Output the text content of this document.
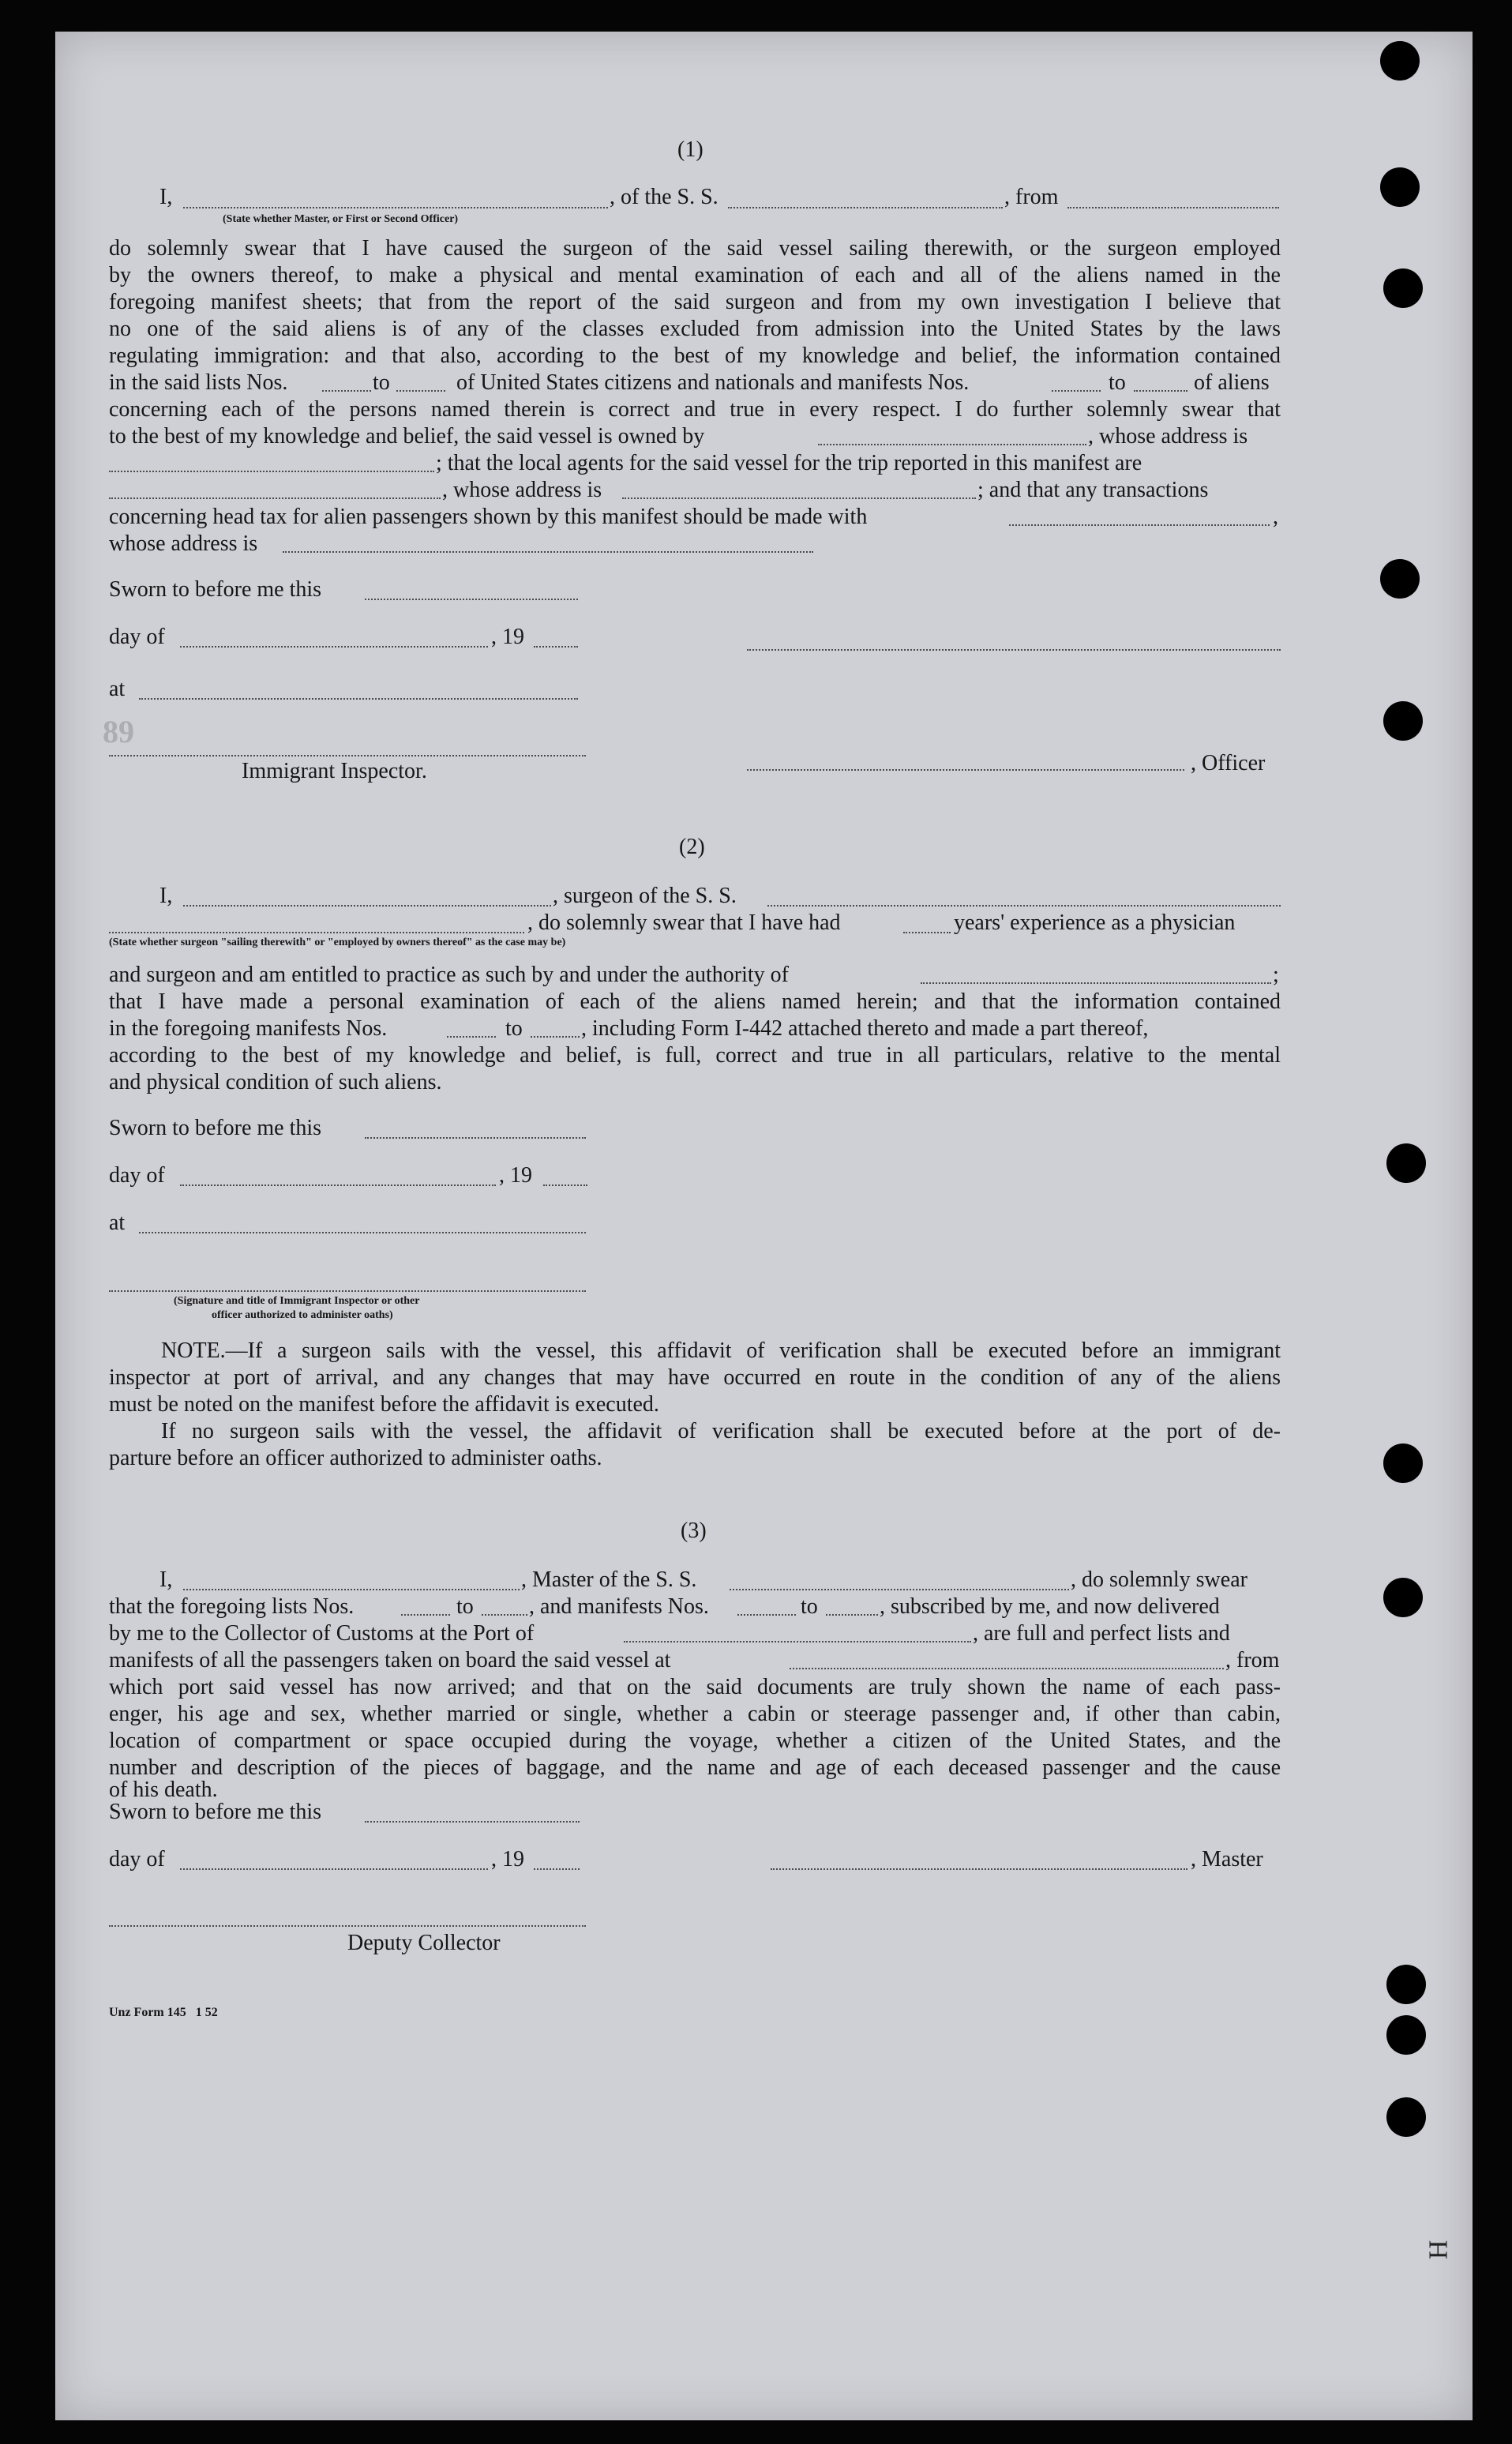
(1)
I,	, of the S. S.	, from
(State whether Master, or First or Second Officer)
do solemnly swear that I have caused the surgeon of the said vessel sailing therewith, or the surgeon employed
by the owners thereof, to make a physical and mental examination of each and all of the aliens named in the
foregoing manifest sheets; that from the report of the said surgeon and from my own investigation I believe that
no one of the said aliens is of any of the classes excluded from admission into the United States by the laws
regulating immigration: and that also, according to the best of my knowledge and belief, the information contained
in the said lists Nos.	to	of United States citizens and nationals and manifests Nos.	to	of aliens
concerning each of the persons named therein is correct and true in every respect. I do further solemnly swear that
to the best of my knowledge and belief, the said vessel is owned by	, whose address is
; that the local agents for the said vessel for the trip reported in this manifest are
, whose address is	; and that any transactions
concerning head tax for alien passengers shown by this manifest should be made with	,
whose address is
Sworn to before me this
day of	, 19
at
89
Immigrant Inspector.	, Officer
(2)
I,	, surgeon of the S. S.
, do solemnly swear that I have had	years' experience as a physician
(State whether surgeon "sailing therewith" or "employed by owners thereof" as the case may be)
and surgeon and am entitled to practice as such by and under the authority of	;
that I have made a personal examination of each of the aliens named herein; and that the information contained
in the foregoing manifests Nos.	to	, including Form I-442 attached thereto and made a part thereof,
according to the best of my knowledge and belief, is full, correct and true in all particulars, relative to the mental
and physical condition of such aliens.
Sworn to before me this
day of	, 19
at
(Signature and title of Immigrant Inspector or other
officer authorized to administer oaths)
NOTE.—If a surgeon sails with the vessel, this affidavit of verification shall be executed before an immigrant
inspector at port of arrival, and any changes that may have occurred en route in the condition of any of the aliens
must be noted on the manifest before the affidavit is executed.
If no surgeon sails with the vessel, the affidavit of verification shall be executed before at the port of de-
parture before an officer authorized to administer oaths.
(3)
I,	, Master of the S. S.	, do solemnly swear
that the foregoing lists Nos.	to	, and manifests Nos.	to	, subscribed by me, and now delivered
by me to the Collector of Customs at the Port of	, are full and perfect lists and
manifests of all the passengers taken on board the said vessel at	, from
which port said vessel has now arrived; and that on the said documents are truly shown the name of each pass-
enger, his age and sex, whether married or single, whether a cabin or steerage passenger and, if other than cabin,
location of compartment or space occupied during the voyage, whether a citizen of the United States, and the
number and description of the pieces of baggage, and the name and age of each deceased passenger and the cause
of his death.
Sworn to before me this
day of	, 19	, Master
Deputy Collector
Unz Form 145   1 52
H
